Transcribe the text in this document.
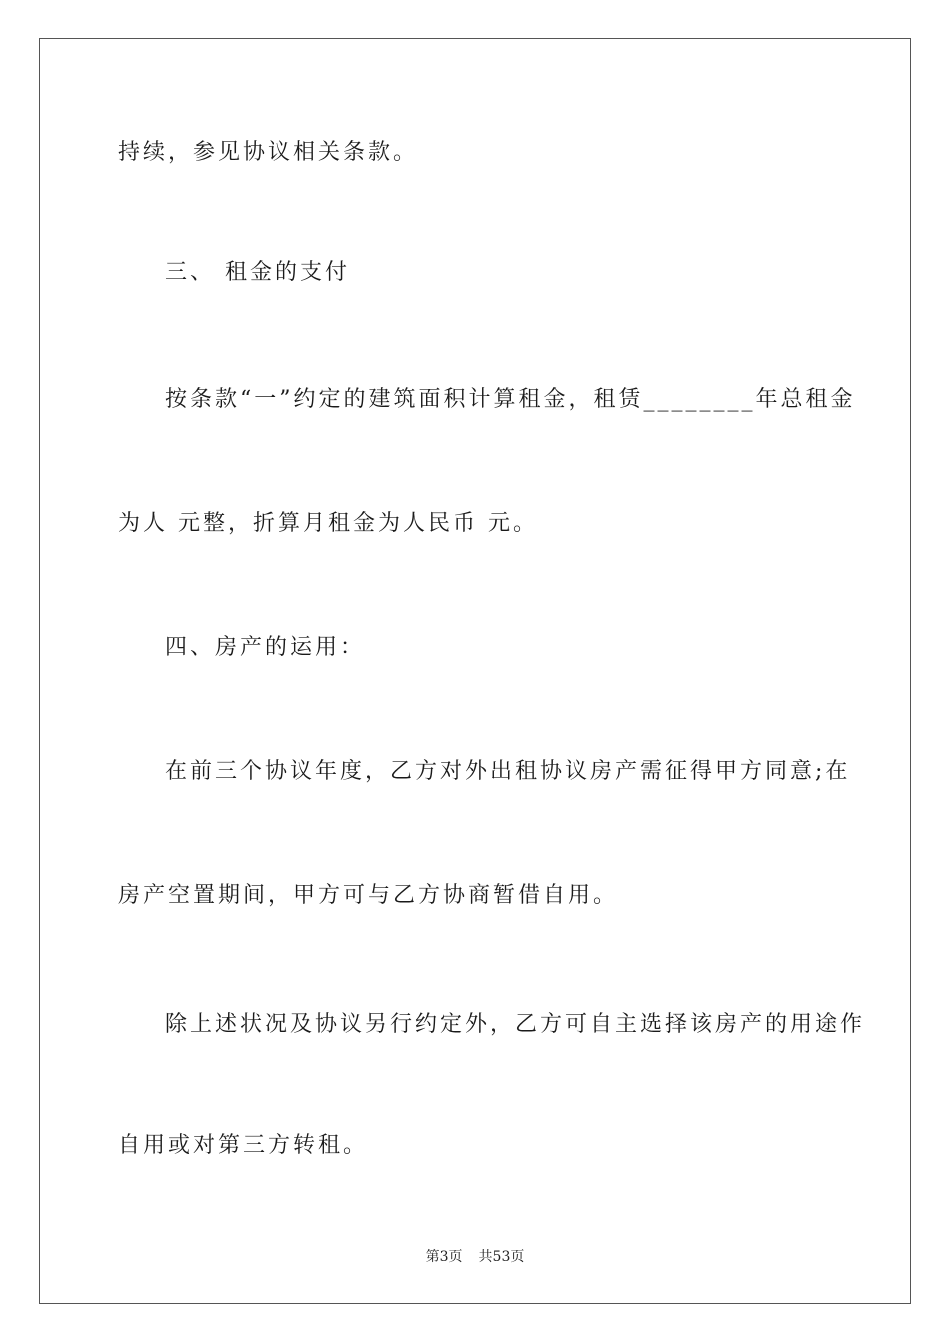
持续，参见协议相关条款。
三、 租金的支付
按条款“一”约定的建筑面积计算租金，租赁________年总租金
为人 元整，折算月租金为人民币 元。
四、房产的运用：
在前三个协议年度，乙方对外出租协议房产需征得甲方同意;在
房产空置期间，甲方可与乙方协商暂借自用。
除上述状况及协议另行约定外，乙方可自主选择该房产的用途作
自用或对第三方转租。
第3页 共53页
